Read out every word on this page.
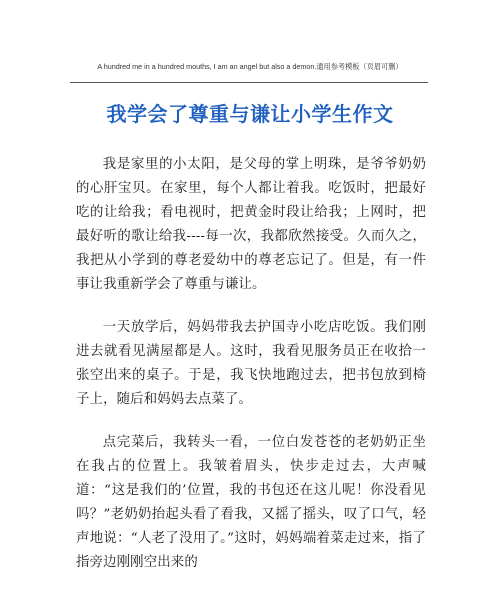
A hundred me in a hundred mouths, I am an angel but also a demon.通用参考模板（页眉可删）
我学会了尊重与谦让小学生作文

我是家里的小太阳，是父母的掌上明珠，是爷爷奶奶的心肝宝贝。在家里，每个人都让着我。吃饭时，把最好吃的让给我；看电视时，把黄金时段让给我；上网时，把最好听的歌让给我----每一次，我都欣然接受。久而久之，我把从小学到的尊老爱幼中的尊老忘记了。但是，有一件事让我重新学会了尊重与谦让。

一天放学后，妈妈带我去护国寺小吃店吃饭。我们刚进去就看见满屋都是人。这时，我看见服务员正在收拾一张空出来的桌子。于是，我飞快地跑过去，把书包放到椅子上，随后和妈妈去点菜了。

点完菜后，我转头一看，一位白发苍苍的老奶奶正坐在我占的位置上。我皱着眉头，快步走过去，大声喊道：“这是我们的’位置，我的书包还在这儿呢！你没看见吗？”老奶奶抬起头看了看我，又摇了摇头，叹了口气，轻声地说：“人老了没用了。”这时，妈妈端着菜走过来，指了指旁边刚刚空出来的
